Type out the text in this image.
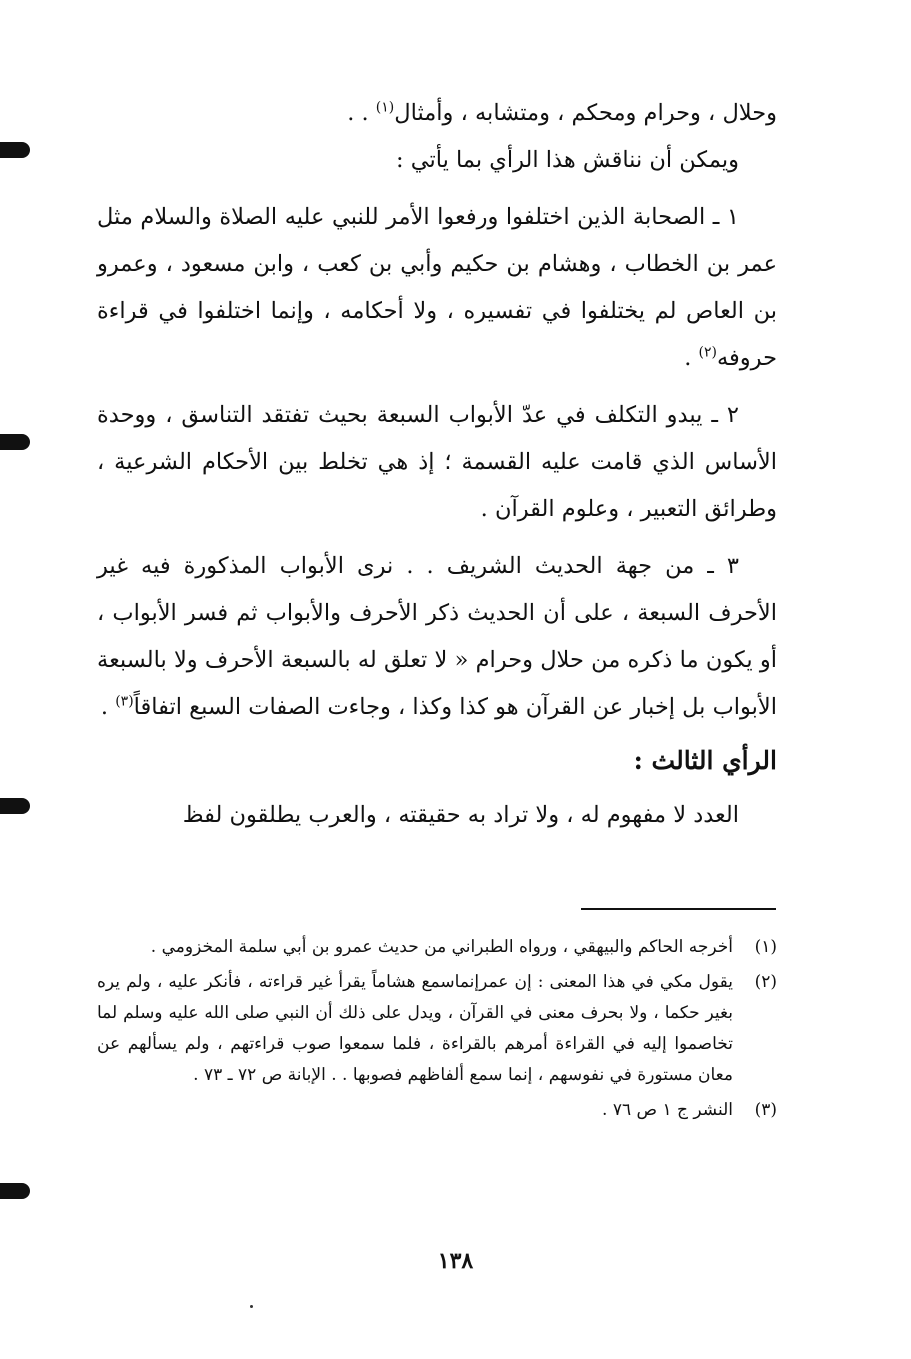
وحلال ، وحرام ومحكم ، ومتشابه ، وأمثال$^{(١)}$ . .

ويمكن أن نناقش هذا الرأي بما يأتي :

١ ـ الصحابة الذين اختلفوا ورفعوا الأمر للنبي عليه الصلاة والسلام مثل عمر بن الخطاب ، وهشام بن حكيم وأبي بن كعب ، وابن مسعود ، وعمرو بن العاص لم يختلفوا في تفسيره ، ولا أحكامه ، وإنما اختلفوا في قراءة حروفه$^{(٢)}$ .

٢ ـ يبدو التكلف في عدّ الأبواب السبعة بحيث تفتقد التناسق ، ووحدة الأساس الذي قامت عليه القسمة ؛ إذ هي تخلط بين الأحكام الشرعية ، وطرائق التعبير ، وعلوم القرآن .

٣ ـ من جهة الحديث الشريف . . نرى الأبواب المذكورة فيه غير الأحرف السبعة ، على أن الحديث ذكر الأحرف والأبواب ثم فسر الأبواب ، أو يكون ما ذكره من حلال وحرام « لا تعلق له بالسبعة الأحرف ولا بالسبعة الأبواب بل إخبار عن القرآن هو كذا وكذا ، وجاءت الصفات السبع اتفاقاً$^{(٣)}$ .

الرأي الثالث :

العدد لا مفهوم له ، ولا تراد به حقيقته ، والعرب يطلقون لفظ

(١)
أخرجه الحاكم والبيهقي ، ورواه الطبراني من حديث عمرو بن أبي سلمة المخزومي .
(٢)
يقول مكي في هذا المعنى : إن عمرإنماسمع هشاماً يقرأ غير قراءته ، فأنكر عليه ، ولم يره بغير حكما ، ولا بحرف معنى في القرآن ، ويدل على ذلك أن النبي صلى الله عليه وسلم لما تخاصموا إليه في القراءة أمرهم بالقراءة ، فلما سمعوا صوب قراءتهم ، ولم يسألهم عن معان مستورة في نفوسهم ، إنما سمع ألفاظهم فصوبها . . الإبانة ص ٧٢ ـ ٧٣ .
(٣)
النشر ج ١ ص ٧٦ .
١٣٨
